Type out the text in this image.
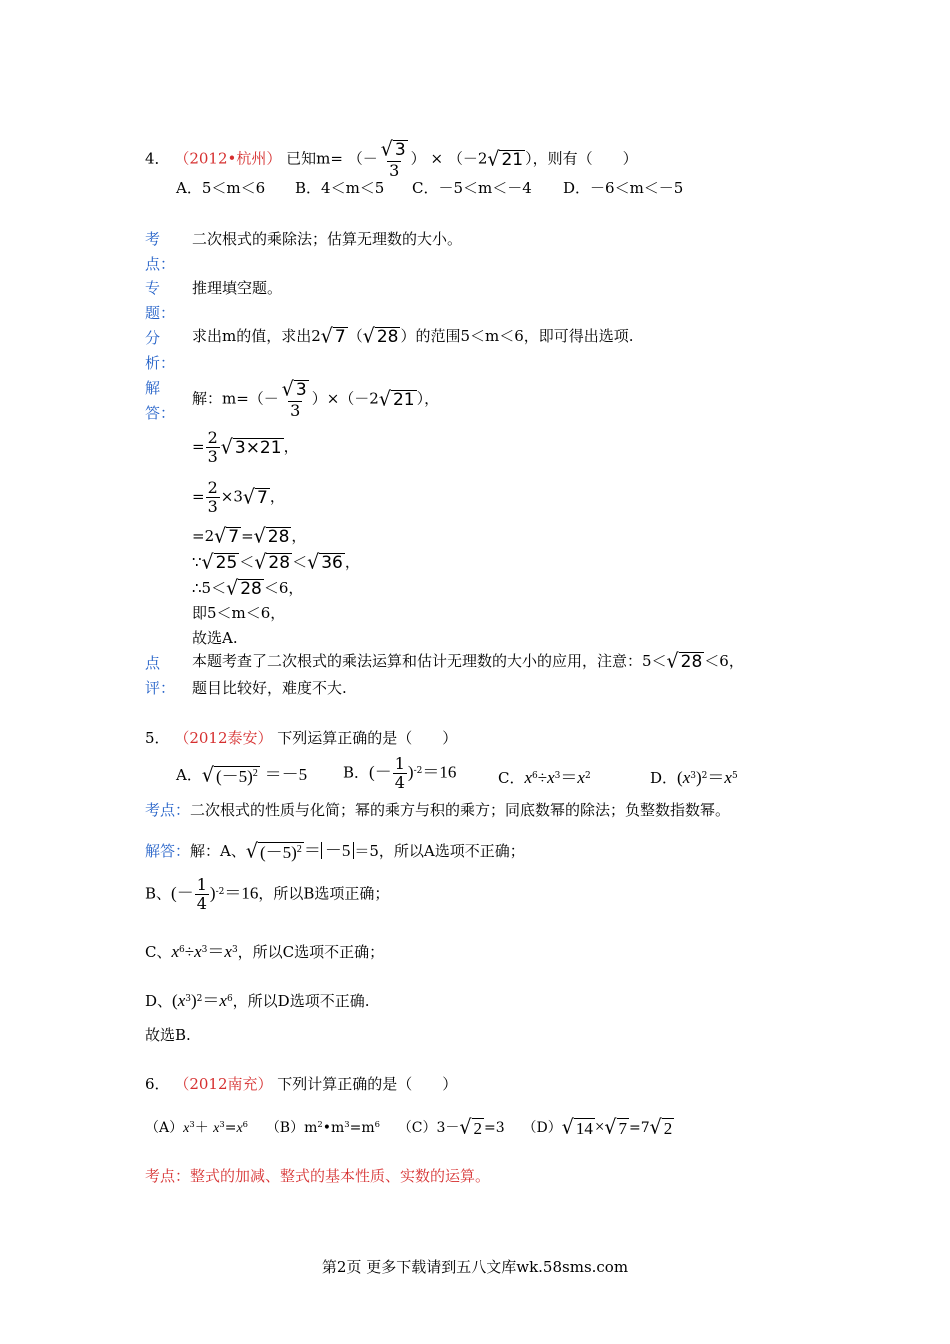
4． （2012•杭州） 已知m= （－ $\frac{√ 3}{3}$ ） × （－2 √ 21 ），则有（　　）
A．5＜m＜6 B．4＜m＜5 C．－5＜m＜－4 D．－6＜m＜－5
考
点：
专
题：
分
析：
解
答：
点
评：
二次根式的乘除法；估算无理数的大小。
推理填空题。
求出m的值，求出2 √ 7 （ √ 28 ）的范围5＜m＜6，即可得出选项.
解：$m=(- \frac{√ 3}{3} )\times(-2$ √ 21 ），
= $\frac{2}{3}$ √ 3×21 ，
= $\frac{2}{3} \times 3$ √ 7 ，
=2 √ 7 = √ 28 ，
∵ √ 25 ＜ √ 28 ＜ √ 36 ，
∴5＜ √ 28 ＜6，
即5＜m＜6，
故选A.
本题考查了二次根式的乘法运算和估计无理数的大小的应用，注意：5＜ √ 28 ＜6，
题目比较好，难度不大.
5． （2012泰安） 下列运算正确的是（　　）
A． √ $(-5)^2 =-5$ B．(－ $\frac{1}{4} )^{-2}=16$	C．$x^6\div x^3=x^2$	D．$(x^3)^2=x^5$
考点：二次根式的性质与化简；幂的乘方与积的乘方；同底数幂的除法；负整数指数幂。
解答：解：A、 √ $(-5)^2 = -5 =5$，所以A选项不正确；
B、(－ $\frac{1}{4} )^{-2}=16$，所以B选项正确；
C、$x^6\div x^3=x^3$，所以C选项不正确；
D、$(x^3)^2=x^6$，所以D选项不正确.
故选B.
6． （2012南充） 下列计算正确的是（　　）
$(A)x^3+ x^3=x^6$ $(B)m^2•m^3=m^6$ （C）3－ √ 2 =3 （D） √ 14 × √ 7 =7 √ 2
考点：整式的加减、整式的基本性质、实数的运算。
第2页 更多下载请到五八文库wk.58sms.com
